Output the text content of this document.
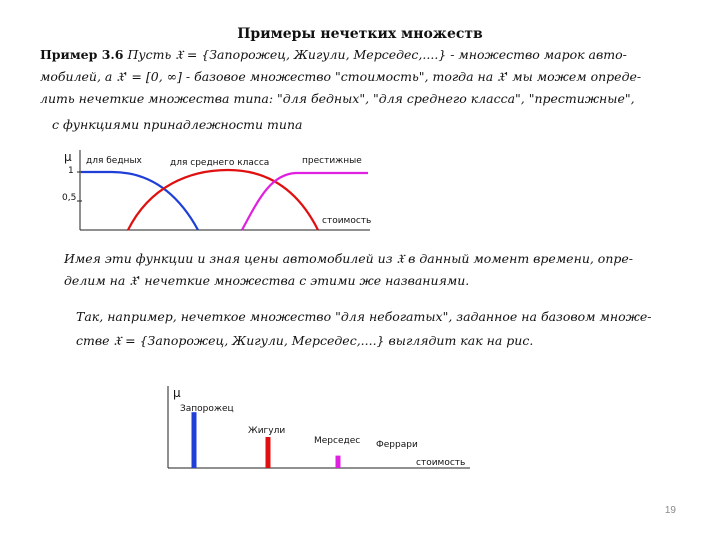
Примеры нечетких множеств
Пример 3.6 Пусть 𝔛 = {Запорожец, Жигули, Мерседес,....} - множество марок авто-
мобилей, а 𝔛' = [0, ∞] - базовое множество "стоимость", тогда на 𝔛' мы можем опреде-
лить нечеткие множества типа: "для бедных", "для среднего класса", "престижные",
с функциями принадлежности типа
μ
1
0,5
для бедных	для среднего класса	престижные
стоимость
Имея эти функции и зная цены автомобилей из 𝔛 в данный момент времени, опре-
делим на 𝔛' нечеткие множества с этими же названиями.
Так, например, нечеткое множество "для небогатых", заданное на базовом множе-
стве 𝔛 = {Запорожец, Жигули, Мерседес,....} выглядит как на рис.
μ
Запорожец
Жигули
Мерседес Феррари
стоимость
19
